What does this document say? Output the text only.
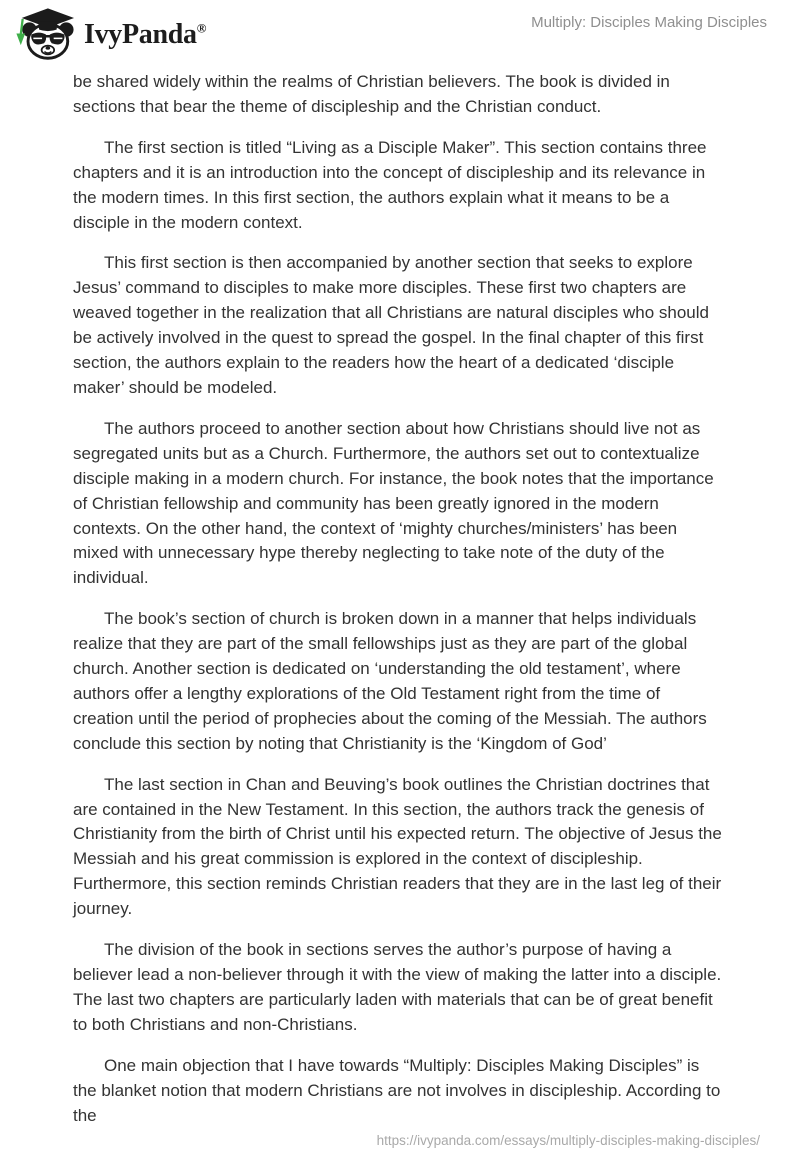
IvyPanda®	Multiply: Disciples Making Disciples

be shared widely within the realms of Christian believers. The book is divided in sections that bear the theme of discipleship and the Christian conduct.

The first section is titled “Living as a Disciple Maker”. This section contains three chapters and it is an introduction into the concept of discipleship and its relevance in the modern times. In this first section, the authors explain what it means to be a disciple in the modern context.

This first section is then accompanied by another section that seeks to explore Jesus’ command to disciples to make more disciples. These first two chapters are weaved together in the realization that all Christians are natural disciples who should be actively involved in the quest to spread the gospel. In the final chapter of this first section, the authors explain to the readers how the heart of a dedicated ‘disciple maker’ should be modeled.

The authors proceed to another section about how Christians should live not as segregated units but as a Church. Furthermore, the authors set out to contextualize disciple making in a modern church. For instance, the book notes that the importance of Christian fellowship and community has been greatly ignored in the modern contexts. On the other hand, the context of ‘mighty churches/ministers’ has been mixed with unnecessary hype thereby neglecting to take note of the duty of the individual.

The book’s section of church is broken down in a manner that helps individuals realize that they are part of the small fellowships just as they are part of the global church. Another section is dedicated on ‘understanding the old testament’, where authors offer a lengthy explorations of the Old Testament right from the time of creation until the period of prophecies about the coming of the Messiah. The authors conclude this section by noting that Christianity is the ‘Kingdom of God’

The last section in Chan and Beuving’s book outlines the Christian doctrines that are contained in the New Testament. In this section, the authors track the genesis of Christianity from the birth of Christ until his expected return. The objective of Jesus the Messiah and his great commission is explored in the context of discipleship. Furthermore, this section reminds Christian readers that they are in the last leg of their journey.

The division of the book in sections serves the author’s purpose of having a believer lead a non-believer through it with the view of making the latter into a disciple. The last two chapters are particularly laden with materials that can be of great benefit to both Christians and non-Christians.

One main objection that I have towards “Multiply: Disciples Making Disciples” is the blanket notion that modern Christians are not involves in discipleship. According to the

https://ivypanda.com/essays/multiply-disciples-making-disciples/
